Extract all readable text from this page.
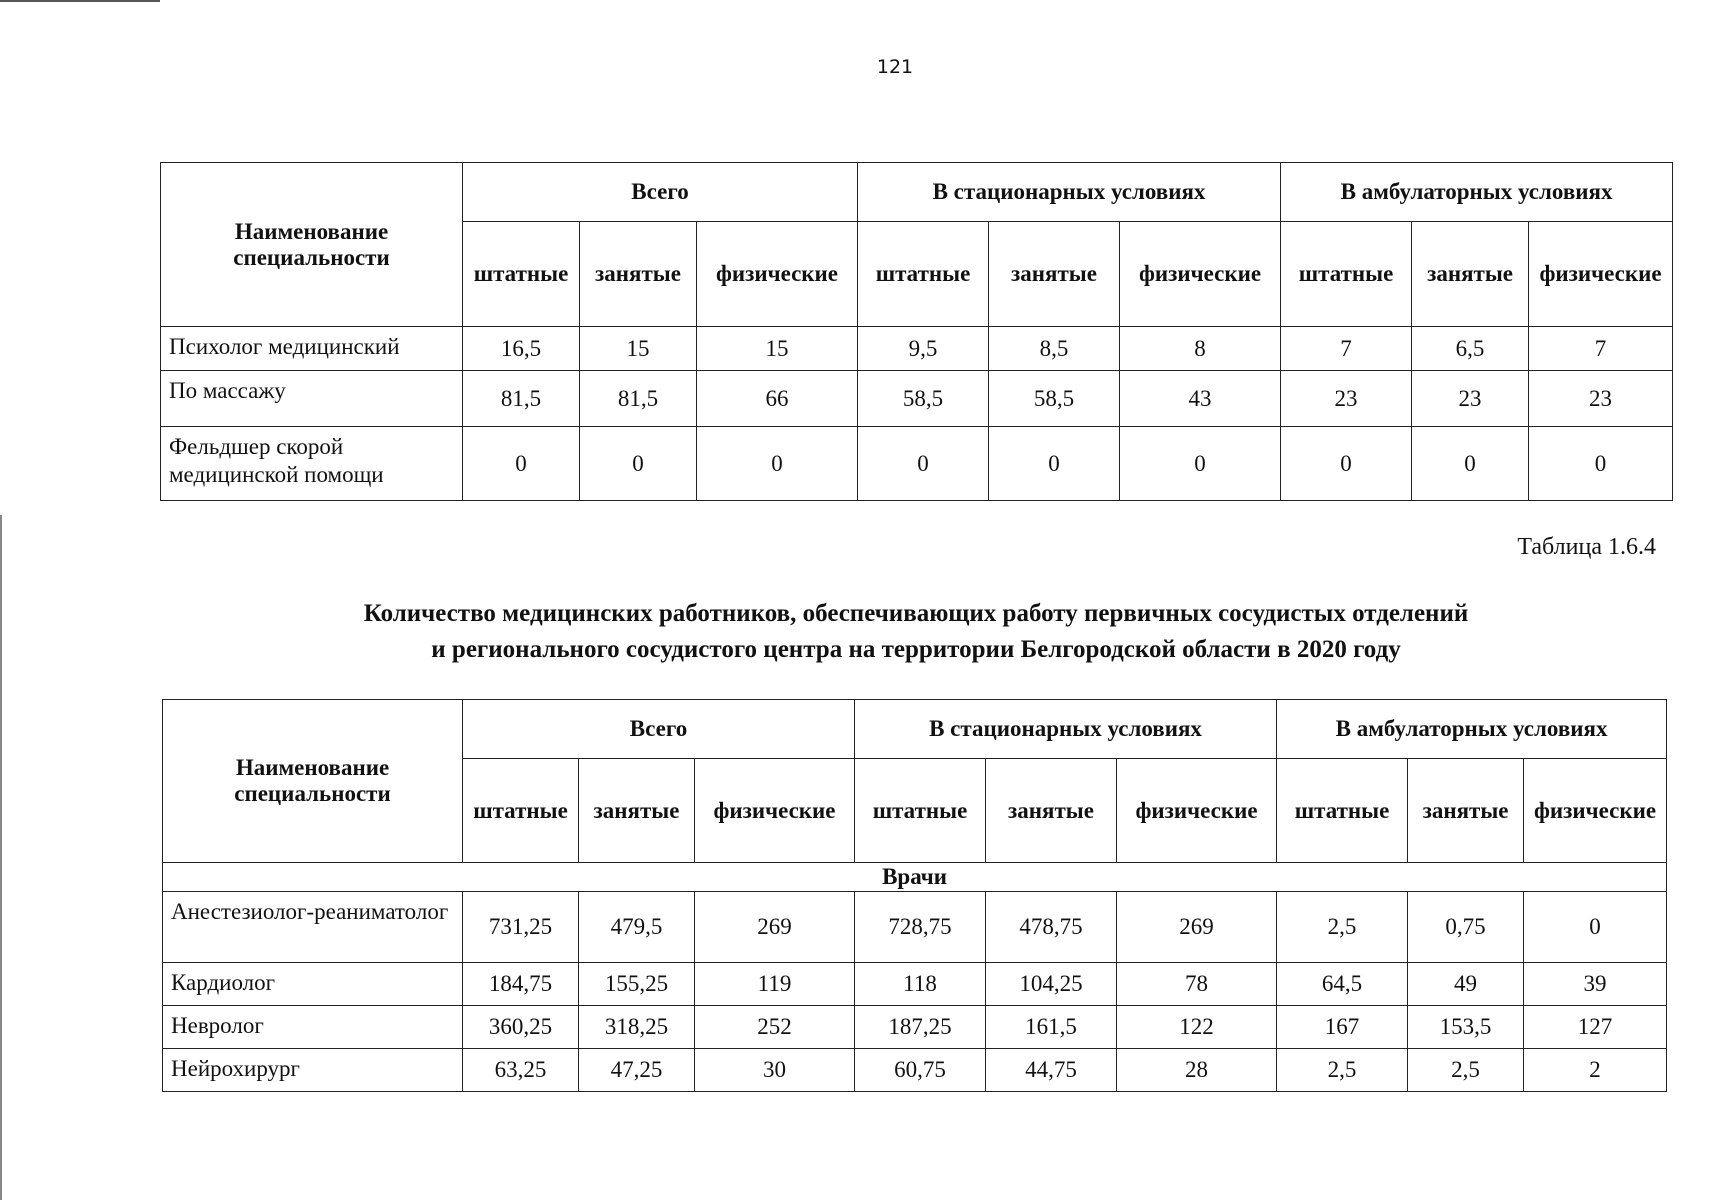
121
Наименование специальности	Всего			В стационарных условиях			В амбулаторных условиях		
	штатные	занятые	физические	штатные	занятые	физические	штатные	занятые	физические
Психолог медицинский	16,5	15	15	9,5	8,5	8	7	6,5	7
По массажу	81,5	81,5	66	58,5	58,5	43	23	23	23
Фельдшер скорой медицинской помощи	0	0	0	0	0	0	0	0	0
Таблица 1.6.4
Количество медицинских работников, обеспечивающих работу первичных сосудистых отделений
и регионального сосудистого центра на территории Белгородской области в 2020 году
Наименование специальности	Всего			В стационарных условиях			В амбулаторных условиях		
	штатные	занятые	физические	штатные	занятые	физические	штатные	занятые	физические
Врачи									
Анестезиолог-реаниматолог	731,25	479,5	269	728,75	478,75	269	2,5	0,75	0
Кардиолог	184,75	155,25	119	118	104,25	78	64,5	49	39
Невролог	360,25	318,25	252	187,25	161,5	122	167	153,5	127
Нейрохирург	63,25	47,25	30	60,75	44,75	28	2,5	2,5	2
